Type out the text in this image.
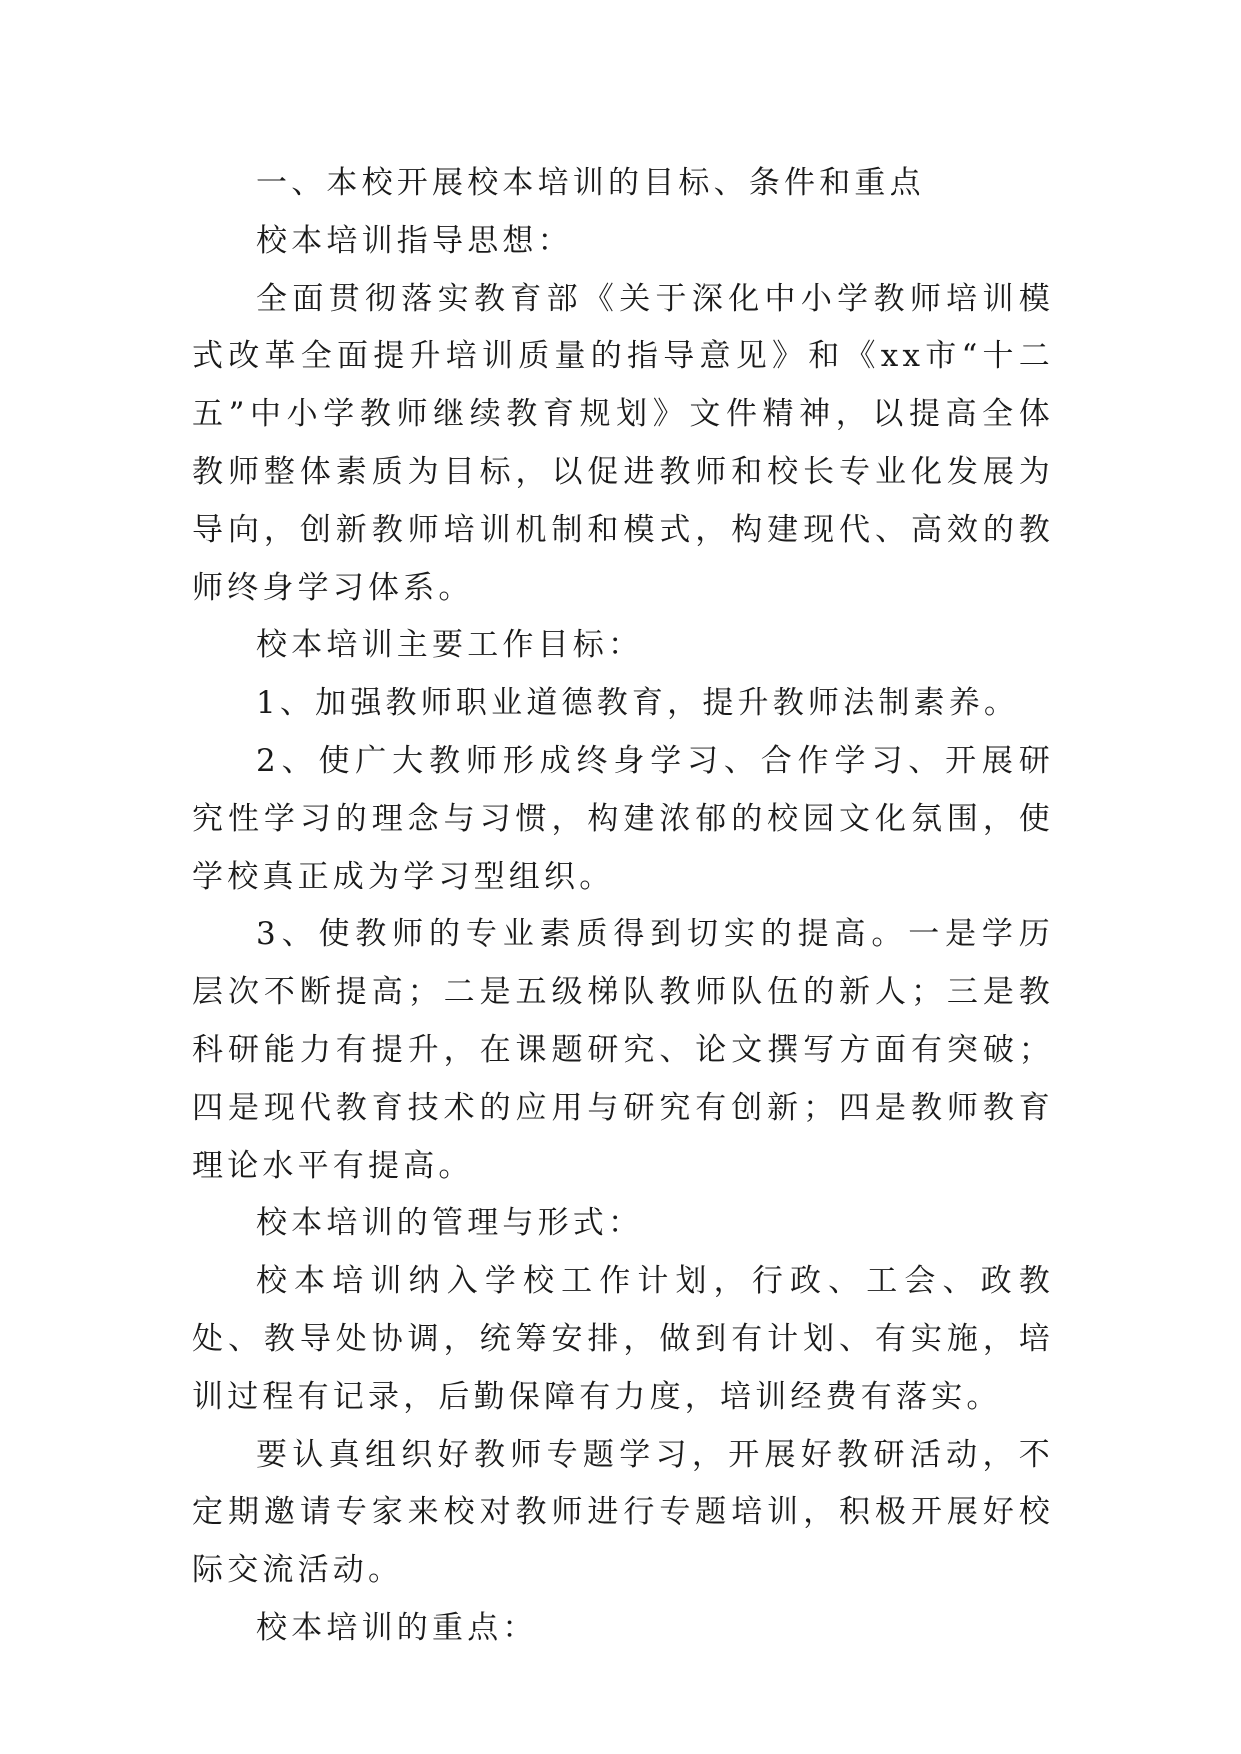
一、本校开展校本培训的目标、条件和重点

校本培训指导思想：

全面贯彻落实教育部《关于深化中小学教师培训模式改革全面提升培训质量的指导意见》和《xx市“十二五”中小学教师继续教育规划》文件精神，以提高全体教师整体素质为目标，以促进教师和校长专业化发展为导向，创新教师培训机制和模式，构建现代、高效的教师终身学习体系。

校本培训主要工作目标：

1、加强教师职业道德教育，提升教师法制素养。

2、使广大教师形成终身学习、合作学习、开展研究性学习的理念与习惯，构建浓郁的校园文化氛围，使学校真正成为学习型组织。

3、使教师的专业素质得到切实的提高。一是学历层次不断提高；二是五级梯队教师队伍的新人；三是教科研能力有提升，在课题研究、论文撰写方面有突破；四是现代教育技术的应用与研究有创新；四是教师教育理论水平有提高。

校本培训的管理与形式：

校本培训纳入学校工作计划，行政、工会、政教处、教导处协调，统筹安排，做到有计划、有实施，培训过程有记录，后勤保障有力度，培训经费有落实。

要认真组织好教师专题学习，开展好教研活动，不定期邀请专家来校对教师进行专题培训，积极开展好校际交流活动。

校本培训的重点：
